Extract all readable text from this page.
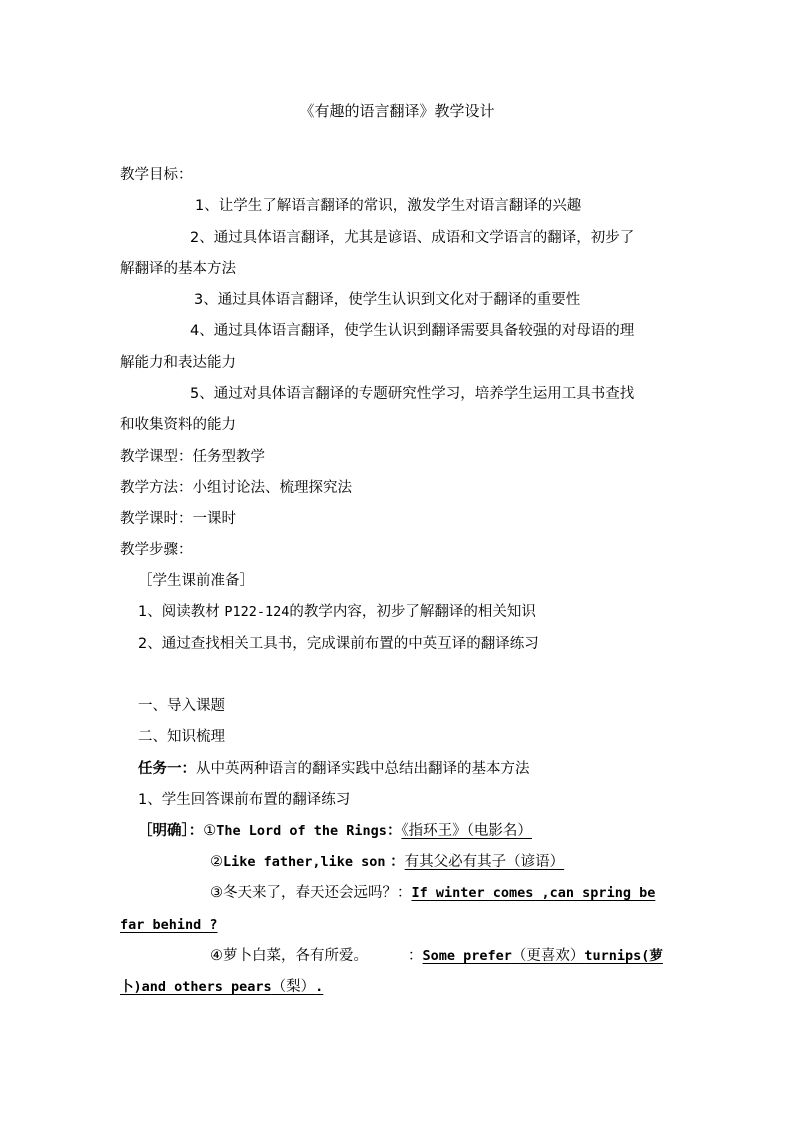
《有趣的语言翻译》教学设计
教学目标：
1、让学生了解语言翻译的常识，激发学生对语言翻译的兴趣
2、通过具体语言翻译，尤其是谚语、成语和文学语言的翻译，初步了
解翻译的基本方法
3、通过具体语言翻译，使学生认识到文化对于翻译的重要性
4、通过具体语言翻译，使学生认识到翻译需要具备较强的对母语的理
解能力和表达能力
5、通过对具体语言翻译的专题研究性学习，培养学生运用工具书查找
和收集资料的能力
教学课型：任务型教学
教学方法：小组讨论法、梳理探究法
教学课时：一课时
教学步骤：
［学生课前准备］
1、阅读教材 P122-124的教学内容，初步了解翻译的相关知识
2、通过查找相关工具书，完成课前布置的中英互译的翻译练习
一、导入课题
二、知识梳理
任务一：从中英两种语言的翻译实践中总结出翻译的基本方法
1、学生回答课前布置的翻译练习
［明确］：①The Lord of the Rings：《指环王》（电影名）
②Like father,like son ：有其父必有其子（谚语）
③冬天来了，春天还会远吗？：If winter comes ,can spring be
far behind ?
④萝卜白菜，各有所爱。	：Some prefer（更喜欢）turnips(萝
卜)and others pears（梨）.
